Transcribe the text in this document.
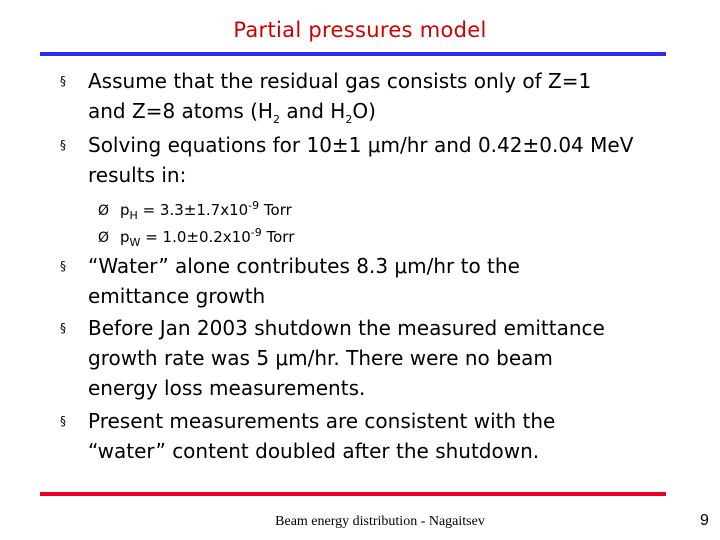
Partial pressures model
§	Assume that the residual gas consists only of Z=1
and Z=8 atoms ($H_2$ and $H_2O$)
§	Solving equations for 10±1 μm/hr and 0.42±0.04 MeV
results in:
Ø $p_H = 3.3\pm 1.7x10^{-9}$ Torr
Ø $p_W = 1.0\pm 0.2x10^{-9}$ Torr
§	“Water” alone contributes 8.3 μm/hr to the
emittance growth
§	Before Jan 2003 shutdown the measured emittance
growth rate was 5 μm/hr. There were no beam
energy loss measurements.
§	Present measurements are consistent with the
“water” content doubled after the shutdown.
Beam energy distribution - Nagaitsev	9
